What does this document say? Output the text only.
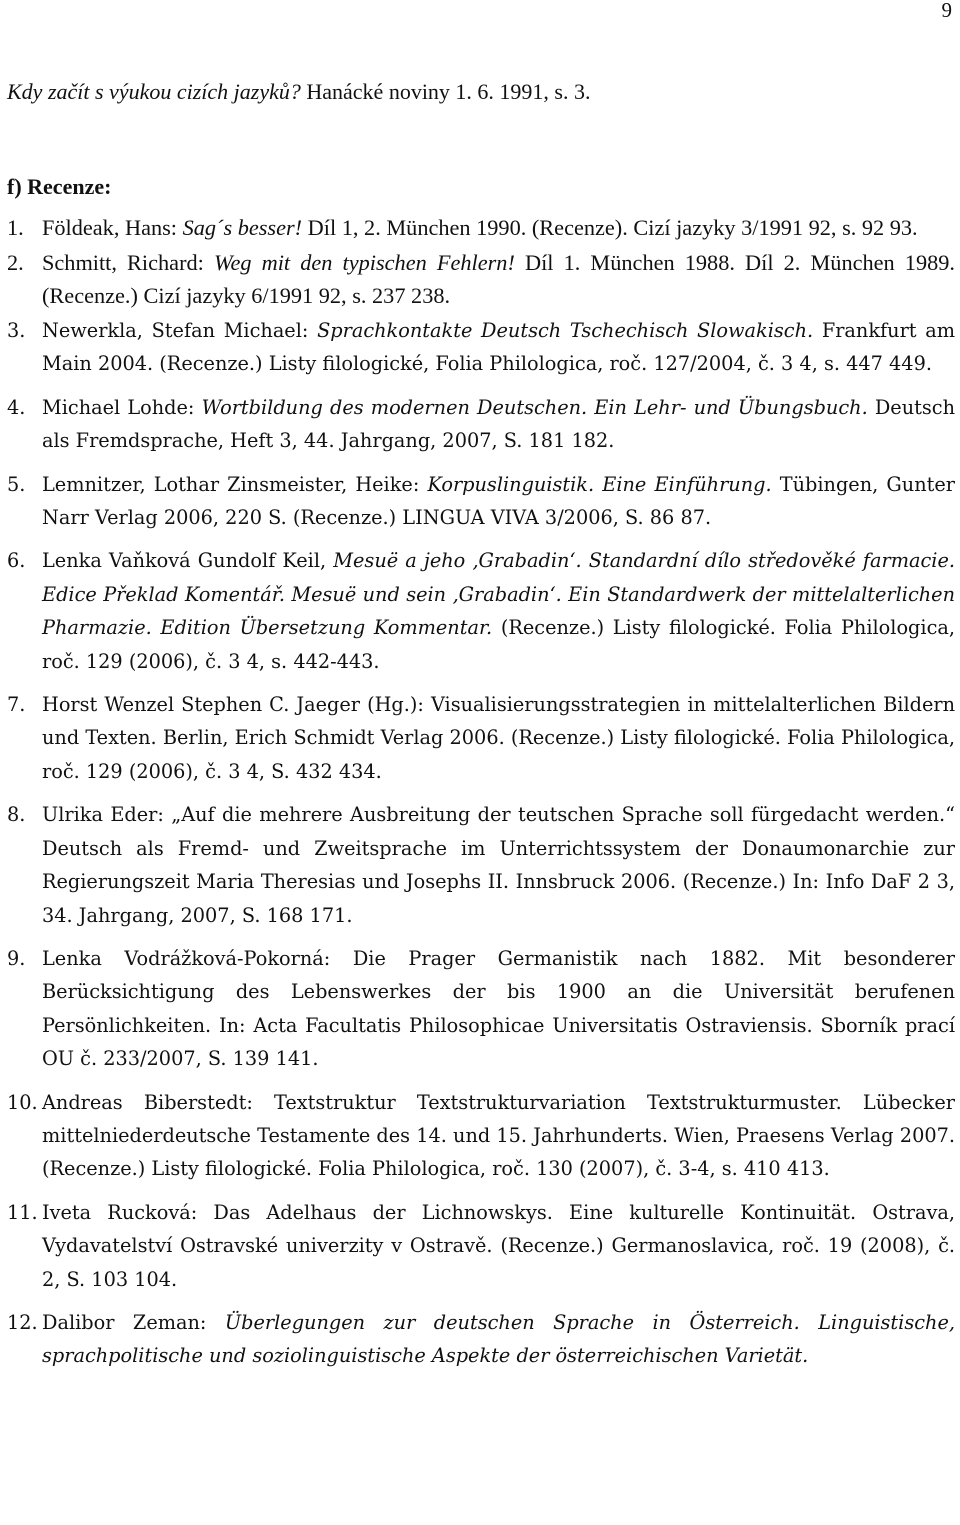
9
Kdy začít s výukou cizích jazyků? Hanácké noviny 1. 6. 1991, s. 3.
f) Recenze:
1. Földeak, Hans: Sag´s besser! Díl 1, 2. München 1990. (Recenze). Cizí jazyky 3/1991 92, s. 92 93.
2. Schmitt, Richard: Weg mit den typischen Fehlern! Díl 1. München 1988. Díl 2. München 1989. (Recenze.) Cizí jazyky 6/1991 92, s. 237 238.
3. Newerkla, Stefan Michael: Sprachkontakte Deutsch Tschechisch Slowakisch. Frankfurt am Main 2004. (Recenze.) Listy filologické, Folia Philologica, roč. 127/2004, č. 3 4, s. 447 449.
4. Michael Lohde: Wortbildung des modernen Deutschen. Ein Lehr- und Übungsbuch. Deutsch als Fremdsprache, Heft 3, 44. Jahrgang, 2007, S. 181 182.
5. Lemnitzer, Lothar Zinsmeister, Heike: Korpuslinguistik. Eine Einführung. Tübingen, Gunter Narr Verlag 2006, 220 S. (Recenze.) LINGUA VIVA 3/2006, S. 86 87.
6. Lenka Vaňková Gundolf Keil, Mesuë a jeho ‚Grabadin‘. Standardní dílo středověké farmacie. Edice Překlad Komentář. Mesuë und sein ‚Grabadin‘. Ein Standardwerk der mittelalterlichen Pharmazie. Edition Übersetzung Kommentar. (Recenze.) Listy filologické. Folia Philologica, roč. 129 (2006), č. 3 4, s. 442-443.
7. Horst Wenzel Stephen C. Jaeger (Hg.): Visualisierungsstrategien in mittelalterlichen Bildern und Texten. Berlin, Erich Schmidt Verlag 2006. (Recenze.) Listy filologické. Folia Philologica, roč. 129 (2006), č. 3 4, S. 432 434.
8. Ulrika Eder: „Auf die mehrere Ausbreitung der teutschen Sprache soll fürgedacht werden.“ Deutsch als Fremd- und Zweitsprache im Unterrichtssystem der Donaumonarchie zur Regierungszeit Maria Theresias und Josephs II. Innsbruck 2006. (Recenze.) In: Info DaF 2 3, 34. Jahrgang, 2007, S. 168 171.
9. Lenka Vodrážková-Pokorná: Die Prager Germanistik nach 1882. Mit besonderer Berücksichtigung des Lebenswerkes der bis 1900 an die Universität berufenen Persönlichkeiten. In: Acta Facultatis Philosophicae Universitatis Ostraviensis. Sborník prací OU č. 233/2007, S. 139 141.
10. Andreas Biberstedt: Textstruktur Textstrukturvariation Textstrukturmuster. Lübecker mittelniederdeutsche Testamente des 14. und 15. Jahrhunderts. Wien, Praesens Verlag 2007. (Recenze.) Listy filologické. Folia Philologica, roč. 130 (2007), č. 3-4, s. 410 413.
11. Iveta Rucková: Das Adelhaus der Lichnowskys. Eine kulturelle Kontinuität. Ostrava, Vydavatelství Ostravské univerzity v Ostravě. (Recenze.) Germanoslavica, roč. 19 (2008), č. 2, S. 103 104.
12. Dalibor Zeman: Überlegungen zur deutschen Sprache in Österreich. Linguistische, sprachpolitische und soziolinguistische Aspekte der österreichischen Varietät.
